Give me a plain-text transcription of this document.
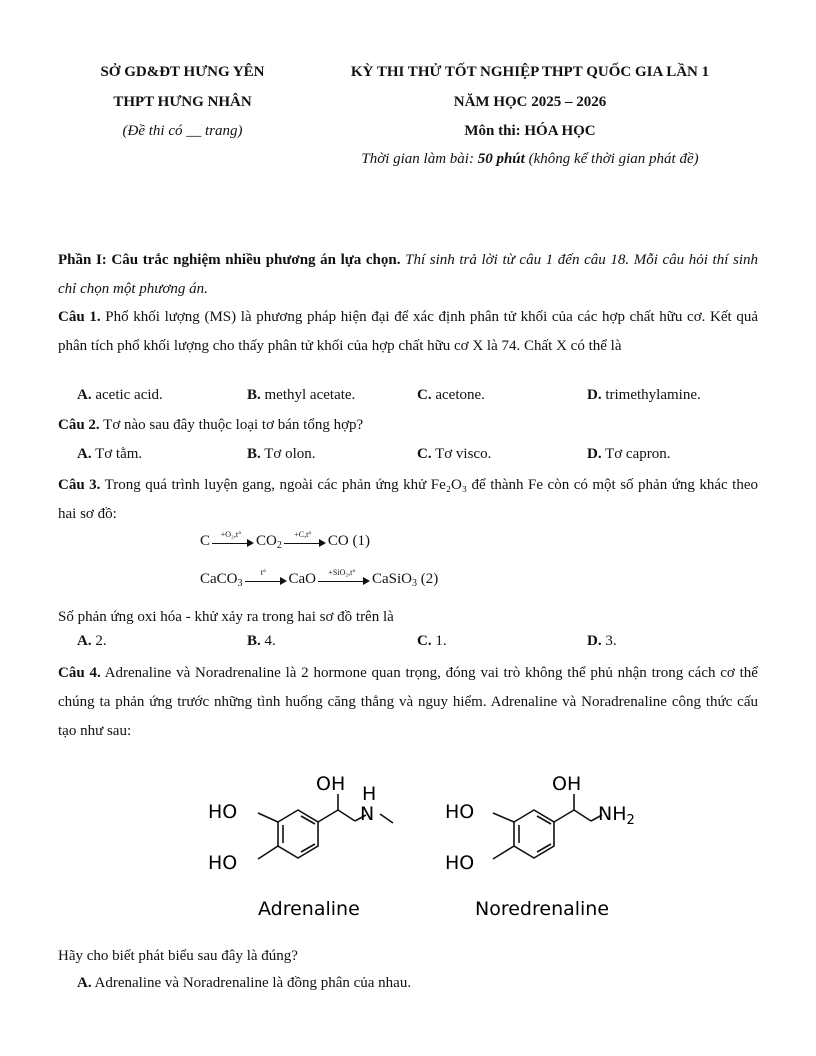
SỞ GD&ĐT HƯNG YÊN
THPT HƯNG NHÂN
(Đề thi có __ trang)
KỲ THI THỬ TỐT NGHIỆP THPT QUỐC GIA LẦN 1
NĂM HỌC 2025 – 2026
Môn thi: HÓA HỌC
Thời gian làm bài: 50 phút (không kể thời gian phát đề)
Phần I: Câu trắc nghiệm nhiều phương án lựa chọn. Thí sinh trả lời từ câu 1 đến câu 18. Mỗi câu hỏi thí sinh chỉ chọn một phương án.
Câu 1. Phổ khối lượng (MS) là phương pháp hiện đại để xác định phân tử khối của các hợp chất hữu cơ. Kết quả phân tích phổ khối lượng cho thấy phân tử khối của hợp chất hữu cơ X là 74. Chất X có thể là
A. acetic acid.	B. methyl acetate.	C. acetone.	D. trimethylamine.
Câu 2. Tơ nào sau đây thuộc loại tơ bán tổng hợp?
A. Tơ tằm.	B. Tơ olon.	C. Tơ visco.	D. Tơ capron.
Câu 3. Trong quá trình luyện gang, ngoài các phản ứng khử Fe₂O₃ để thành Fe còn có một số phản ứng khác theo hai sơ đồ:
C	+O₂,t° $CO_2$
+C,t°	CO (1)
CaCO$_3$
t°	CaO	+SiO₂,t°	CaSiO$_3$ (2)
Số phản ứng oxi hóa - khử xảy ra trong hai sơ đồ trên là
A. 2.	B. 4.	C. 1.	D. 3.
Câu 4. Adrenaline và Noradrenaline là 2 hormone quan trọng, đóng vai trò không thể phủ nhận trong cách cơ thể chúng ta phản ứng trước những tình huống căng thẳng và nguy hiểm. Adrenaline và Noradrenaline công thức cấu tạo như sau:
HO
HO
OH H
N
Adrenaline
HO
HO
OH
$NH_2$
Noredrenaline
Hãy cho biết phát biểu sau đây là đúng?
A. Adrenaline và Noradrenaline là đồng phân của nhau.
